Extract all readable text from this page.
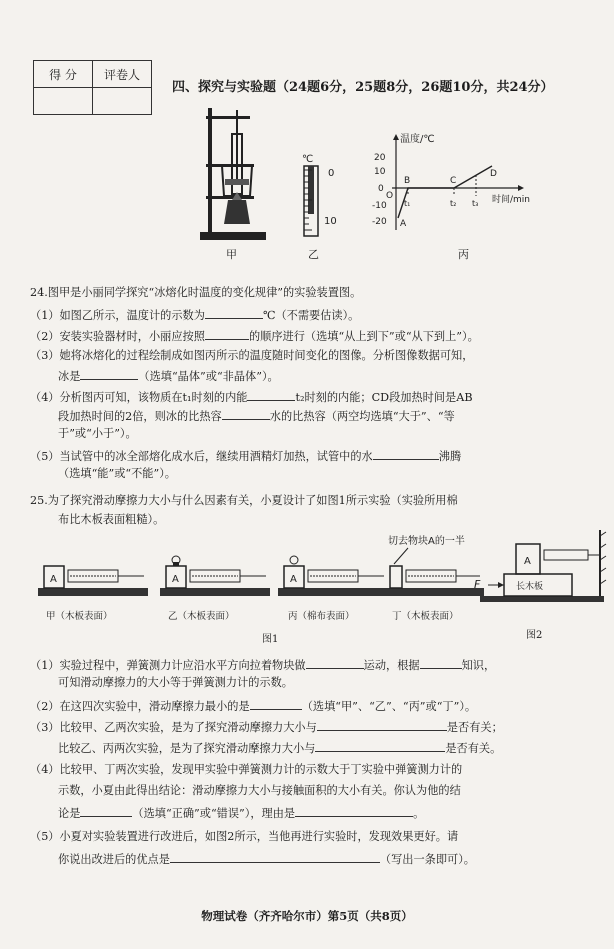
得 分	评卷人

四、探究与实验题（24题6分，25题8分，26题10分，共24分）
甲
℃
0
10
乙
温度/℃
时间/min
20
10
0
-10
-20
O
A
B	C
D
t₁	t₂ t₃
丙
24.图甲是小丽同学探究“冰熔化时温度的变化规律”的实验装置图。
（1）如图乙所示，温度计的示数为	℃（不需要估读）。
（2）安装实验器材时，小丽应按照	的顺序进行（选填“从上到下”或“从下到上”）。
（3）她将冰熔化的过程绘制成如图丙所示的温度随时间变化的图像。分析图像数据可知，
冰是	（选填“晶体”或“非晶体”）。
（4）分析图丙可知，该物质在t₁时刻的内能	t₂时刻的内能；CD段加热时间是AB
段加热时间的2倍，则冰的比热容	水的比热容（两空均选填“大于”、“等
于”或“小于”）。
（5）当试管中的冰全部熔化成水后，继续用酒精灯加热，试管中的水	沸腾
（选填“能”或“不能”）。
25.为了探究滑动摩擦力大小与什么因素有关，小夏设计了如图1所示实验（实验所用棉
布比木板表面粗糙）。
A	A	A
切去物块A的一半
长木板
A
F
甲（木板表面）	乙（木板表面）	丙（棉布表面）	丁（木板表面）
图1	图2
（1）实验过程中，弹簧测力计应沿水平方向拉着物块做	运动，根据	知识，
可知滑动摩擦力的大小等于弹簧测力计的示数。
（2）在这四次实验中，滑动摩擦力最小的是	（选填“甲”、“乙”、“丙”或“丁”）。
（3）比较甲、乙两次实验，是为了探究滑动摩擦力大小与	是否有关；
比较乙、丙两次实验，是为了探究滑动摩擦力大小与	是否有关。
（4）比较甲、丁两次实验，发现甲实验中弹簧测力计的示数大于丁实验中弹簧测力计的
示数，小夏由此得出结论：滑动摩擦力大小与接触面积的大小有关。你认为他的结
论是	（选填“正确”或“错误”），理由是	。
（5）小夏对实验装置进行改进后，如图2所示，当他再进行实验时，发现效果更好。请
你说出改进后的优点是	（写出一条即可）。
物理试卷（齐齐哈尔市）第5页（共8页）
